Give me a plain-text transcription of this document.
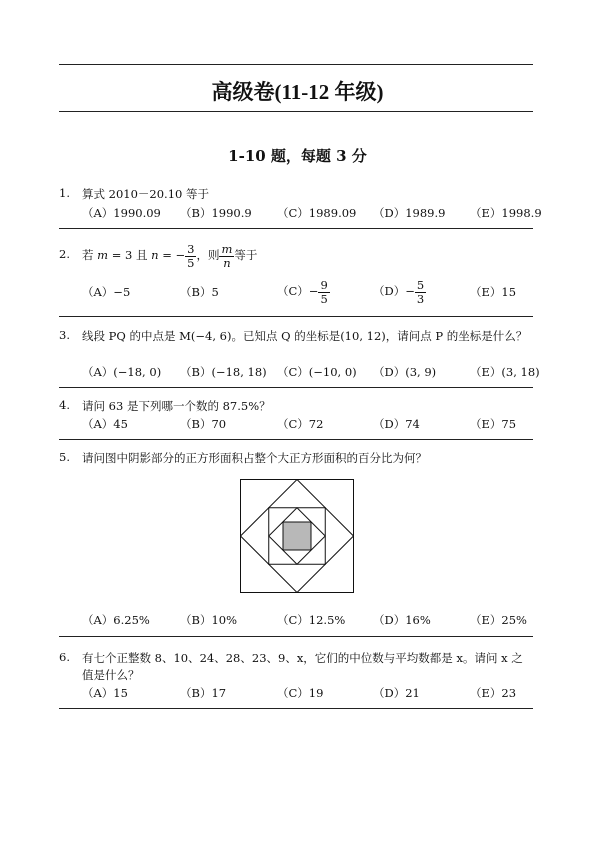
高级卷(11-12 年级)
1-10 题，每题 3 分
1.	算式 2010－20.10 等于
（A）1990.09 （B）1990.9 （C）1989.09 （D）1989.9 （E）1998.9
2.	若 m = 3 且 n = − $\frac{3}{5}$ ，则 $\frac{m}{n}$ 等于
（A）−5	（B）5	$(C)- \frac{9}{5}$	$(D)- \frac{5}{3}$	（E）15
3.	线段 PQ 的中点是 M(−4, 6)。已知点 Q 的坐标是(10, 12)，请问点 P 的坐标是什么？
（A）(−18, 0) （B）(−18, 18) （C）(−10, 0) （D）(3, 9)	（E）(3, 18)
4.	请问 63 是下列哪一个数的 87.5%？
（A）45	（B）70	（C）72	（D）74	（E）75
5.	请问图中阴影部分的正方形面积占整个大正方形面积的百分比为何？
（A）6.25%	（B）10%	（C）12.5% （D）16%	（E）25%
6.	有七个正整数 8、10、24、28、23、9、x，它们的中位数与平均数都是 x。请问 x 之值是什么？
（A）15	（B）17	（C）19	（D）21	（E）23
